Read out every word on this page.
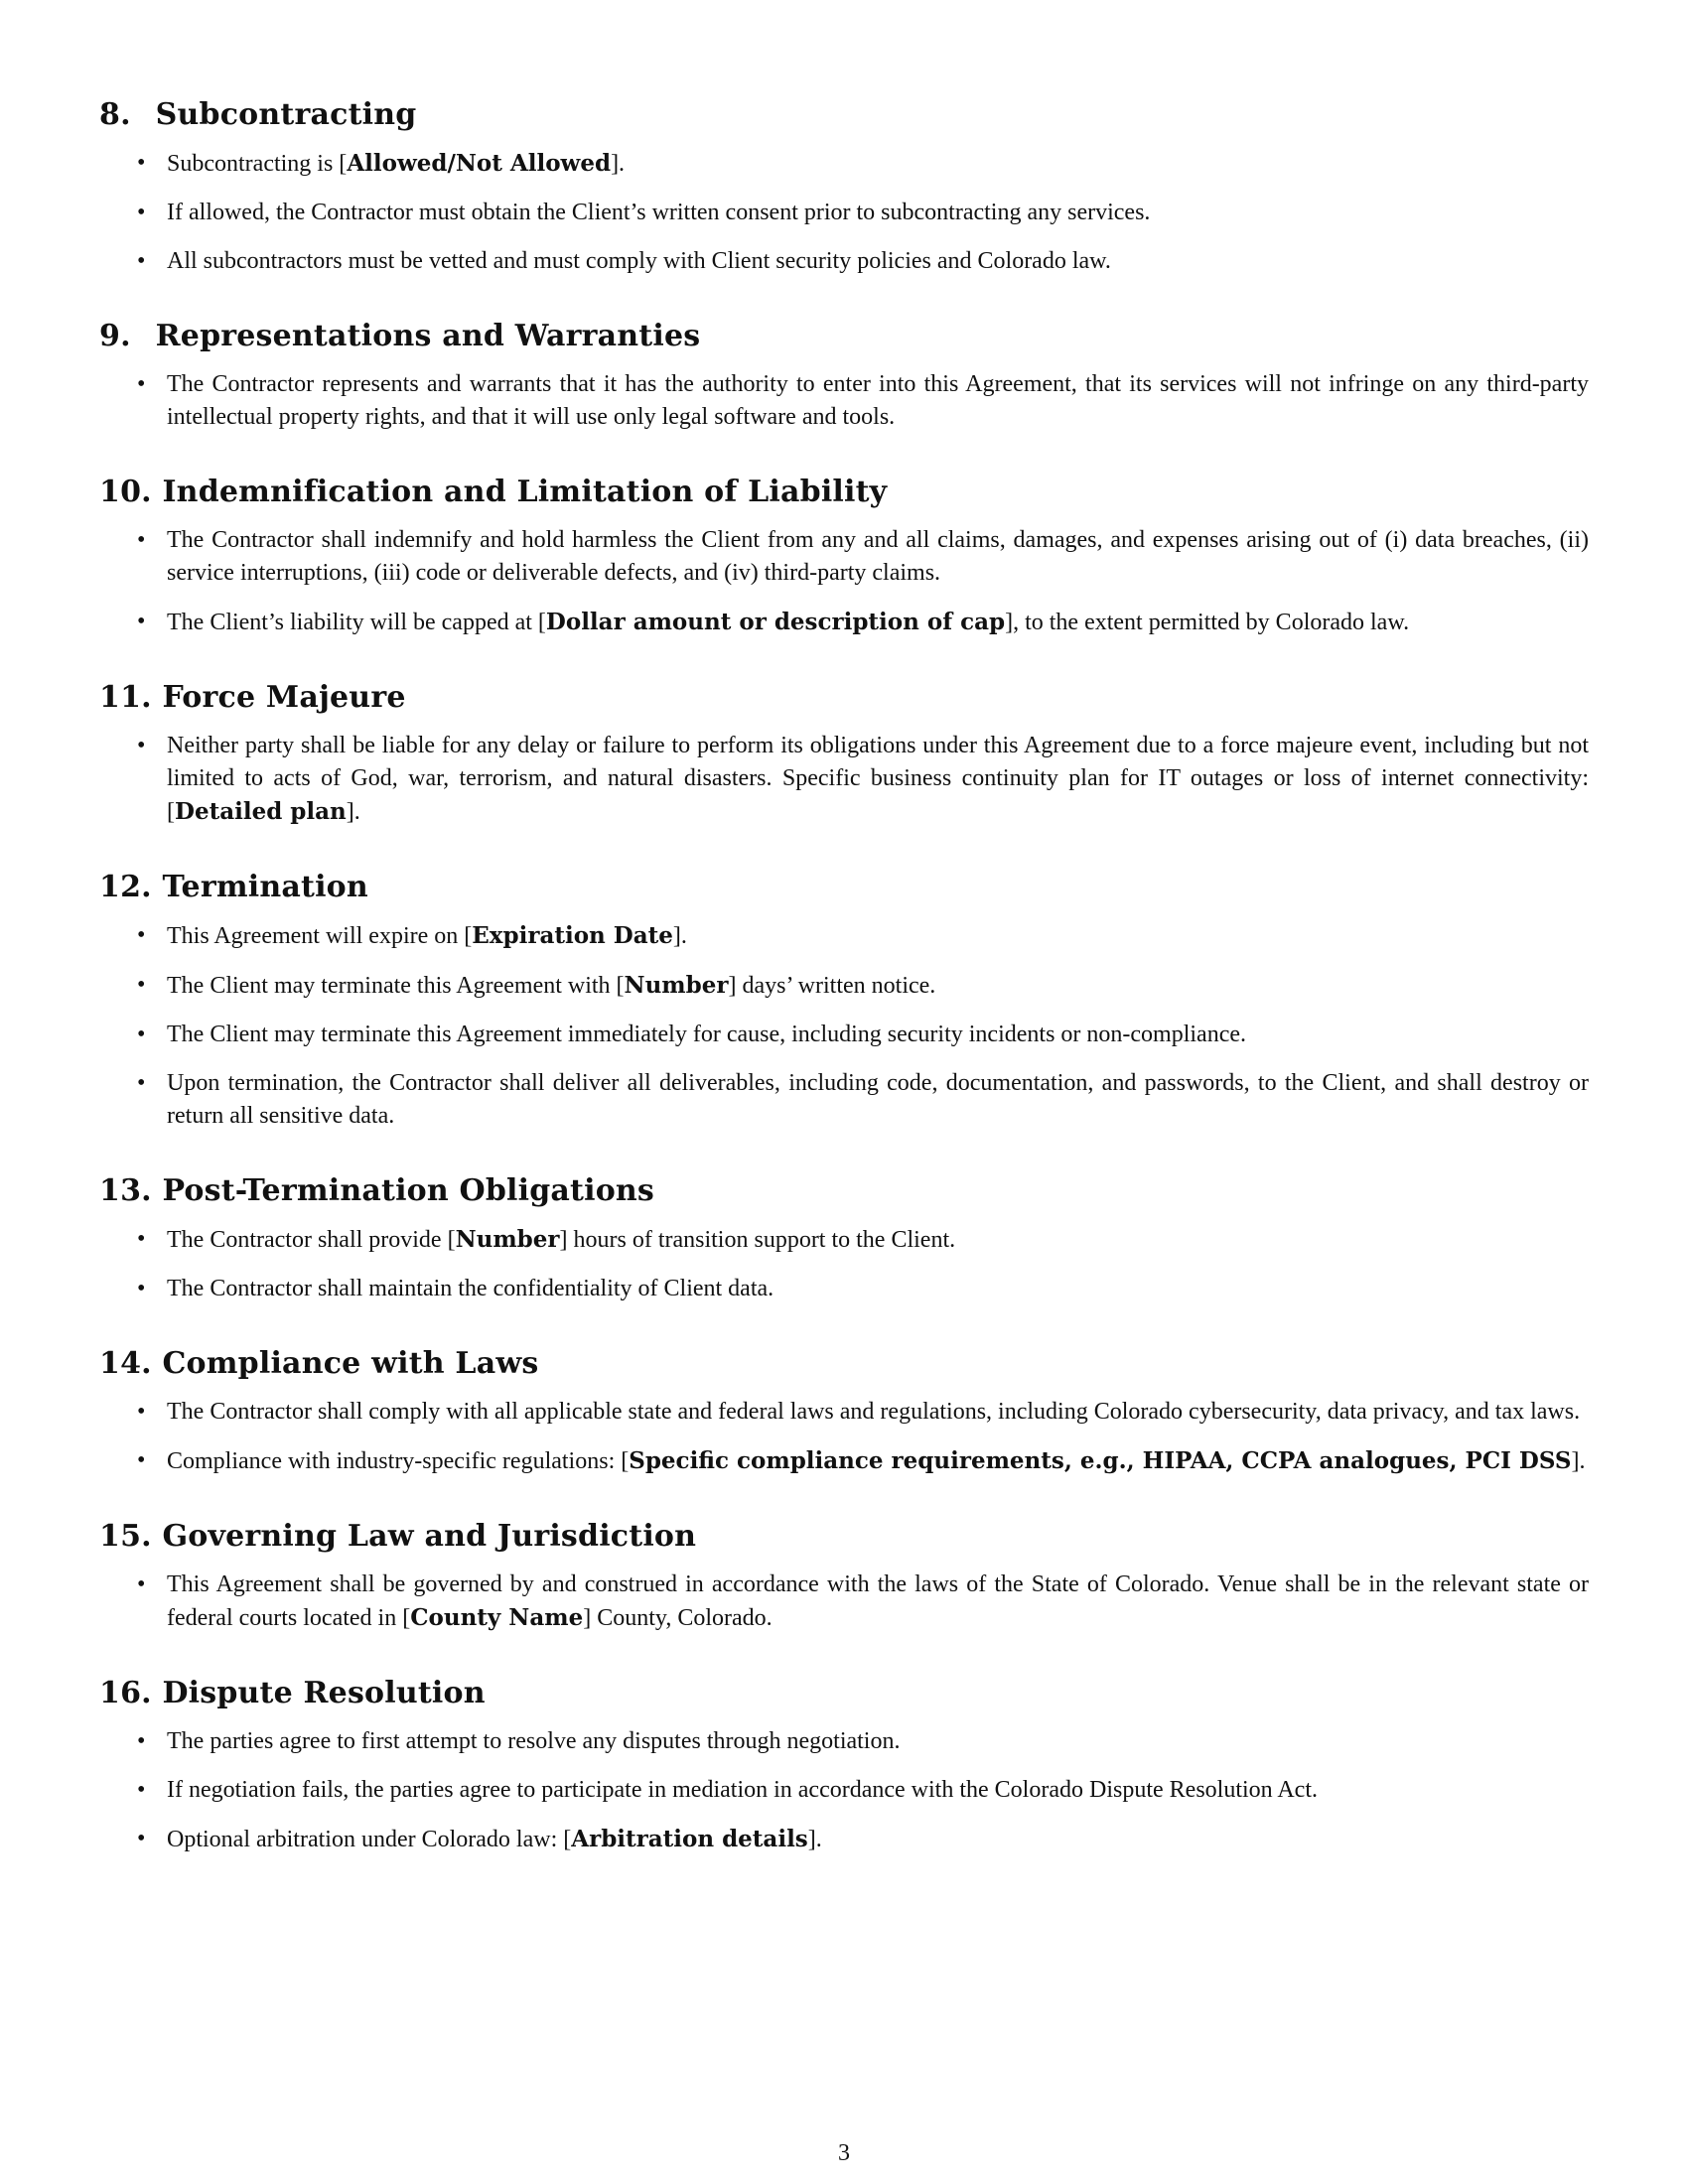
8. Subcontracting
• Subcontracting is [Allowed/Not Allowed].
• If allowed, the Contractor must obtain the Client’s written consent prior to subcontracting any services.
• All subcontractors must be vetted and must comply with Client security policies and Colorado law.
9. Representations and Warranties
• The Contractor represents and warrants that it has the authority to enter into this Agreement, that its services will not infringe on any third-party intellectual property rights, and that it will use only legal software and tools.
10. Indemnification and Limitation of Liability
• The Contractor shall indemnify and hold harmless the Client from any and all claims, damages, and expenses arising out of (i) data breaches, (ii) service interruptions, (iii) code or deliverable defects, and (iv) third-party claims.
• The Client’s liability will be capped at [Dollar amount or description of cap], to the extent permitted by Colorado law.
11. Force Majeure
• Neither party shall be liable for any delay or failure to perform its obligations under this Agreement due to a force majeure event, including but not limited to acts of God, war, terrorism, and natural disasters. Specific business continuity plan for IT outages or loss of internet connectivity: [Detailed plan].
12. Termination
• This Agreement will expire on [Expiration Date].
• The Client may terminate this Agreement with [Number] days’ written notice.
• The Client may terminate this Agreement immediately for cause, including security incidents or non-compliance.
• Upon termination, the Contractor shall deliver all deliverables, including code, documentation, and passwords, to the Client, and shall destroy or return all sensitive data.
13. Post-Termination Obligations
• The Contractor shall provide [Number] hours of transition support to the Client.
• The Contractor shall maintain the confidentiality of Client data.
14. Compliance with Laws
• The Contractor shall comply with all applicable state and federal laws and regulations, including Colorado cybersecurity, data privacy, and tax laws.
• Compliance with industry-specific regulations: [Specific compliance requirements, e.g., HIPAA, CCPA analogues, PCI DSS].
15. Governing Law and Jurisdiction
• This Agreement shall be governed by and construed in accordance with the laws of the State of Colorado. Venue shall be in the relevant state or federal courts located in [County Name] County, Colorado.
16. Dispute Resolution
• The parties agree to first attempt to resolve any disputes through negotiation.
• If negotiation fails, the parties agree to participate in mediation in accordance with the Colorado Dispute Resolution Act.
• Optional arbitration under Colorado law: [Arbitration details].
3
